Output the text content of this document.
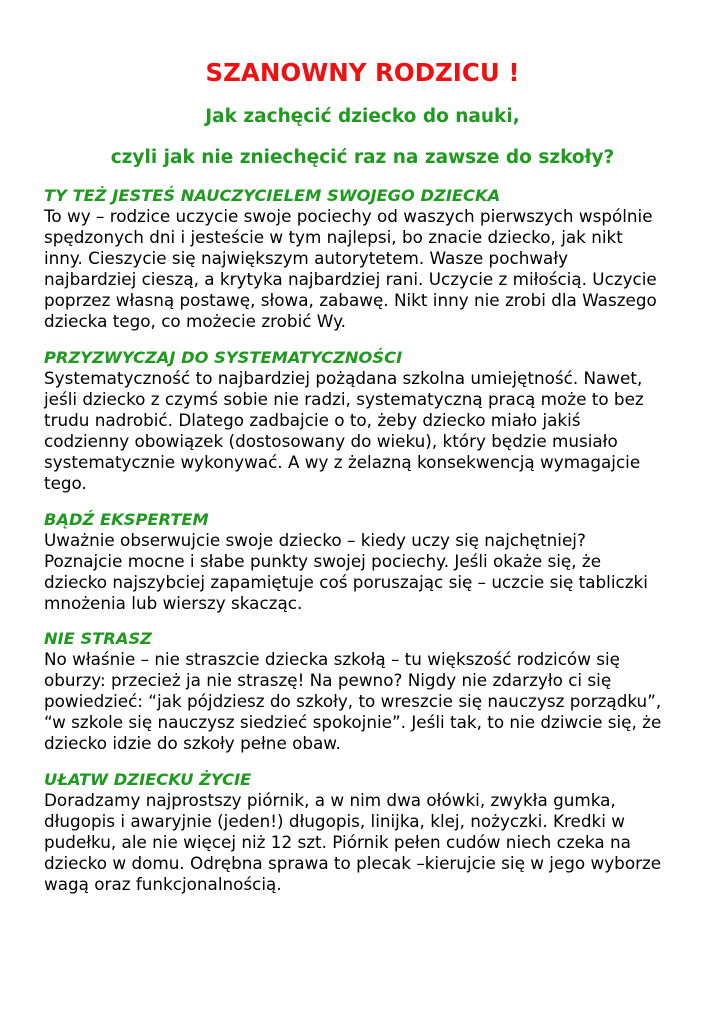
SZANOWNY RODZICU !
Jak zachęcić dziecko do nauki,
czyli jak nie zniechęcić raz na zawsze do szkoły?
TY TEŻ JESTEŚ NAUCZYCIELEM SWOJEGO DZIECKA
To wy – rodzice uczycie swoje pociechy od waszych pierwszych wspólnie
spędzonych dni i jesteście w tym najlepsi, bo znacie dziecko, jak nikt
inny. Cieszycie się największym autorytetem. Wasze pochwały
najbardziej cieszą, a krytyka najbardziej rani. Uczycie z miłością. Uczycie
poprzez własną postawę, słowa, zabawę. Nikt inny nie zrobi dla Waszego
dziecka tego, co możecie zrobić Wy.
PRZYZWYCZAJ DO SYSTEMATYCZNOŚCI
Systematyczność to najbardziej pożądana szkolna umiejętność. Nawet,
jeśli dziecko z czymś sobie nie radzi, systematyczną pracą może to bez
trudu nadrobić. Dlatego zadbajcie o to, żeby dziecko miało jakiś
codzienny obowiązek (dostosowany do wieku), który będzie musiało
systematycznie wykonywać. A wy z żelazną konsekwencją wymagajcie
tego.
BĄDŹ EKSPERTEM
Uważnie obserwujcie swoje dziecko – kiedy uczy się najchętniej?
Poznajcie mocne i słabe punkty swojej pociechy. Jeśli okaże się, że
dziecko najszybciej zapamiętuje coś poruszając się – uczcie się tabliczki
mnożenia lub wierszy skacząc.
NIE STRASZ
No właśnie – nie straszcie dziecka szkołą – tu większość rodziców się
oburzy: przecież ja nie straszę! Na pewno? Nigdy nie zdarzyło ci się
powiedzieć: “jak pójdziesz do szkoły, to wreszcie się nauczysz porządku”,
“w szkole się nauczysz siedzieć spokojnie”. Jeśli tak, to nie dziwcie się, że
dziecko idzie do szkoły pełne obaw.
UŁATW DZIECKU ŻYCIE
Doradzamy najprostszy piórnik, a w nim dwa ołówki, zwykła gumka,
długopis i awaryjnie (jeden!) długopis, linijka, klej, nożyczki. Kredki w
pudełku, ale nie więcej niż 12 szt. Piórnik pełen cudów niech czeka na
dziecko w domu. Odrębna sprawa to plecak –kierujcie się w jego wyborze
wagą oraz funkcjonalnością.
